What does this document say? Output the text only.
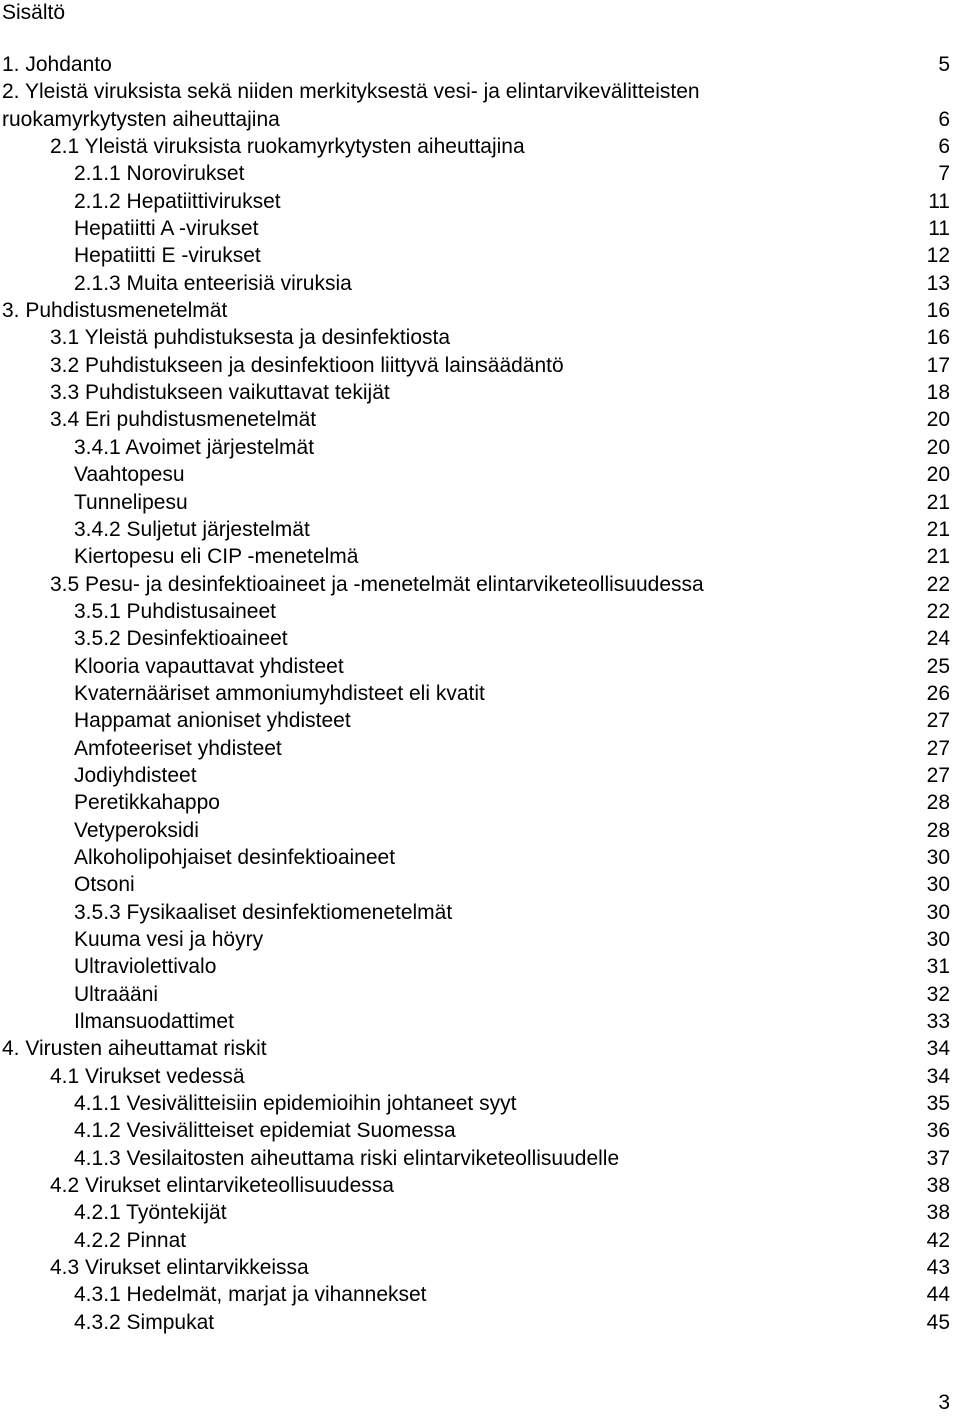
Sisältö
1. Johdanto	5
2. Yleistä viruksista sekä niiden merkityksestä vesi- ja elintarvikevälitteisten
ruokamyrkytysten aiheuttajina	6
2.1 Yleistä viruksista ruokamyrkytysten aiheuttajina	6
2.1.1 Norovirukset	7
2.1.2 Hepatiittivirukset	11
Hepatiitti A -virukset	11
Hepatiitti E -virukset	12
2.1.3 Muita enteerisiä viruksia	13
3. Puhdistusmenetelmät	16
3.1 Yleistä puhdistuksesta ja desinfektiosta	16
3.2 Puhdistukseen ja desinfektioon liittyvä lainsäädäntö	17
3.3 Puhdistukseen vaikuttavat tekijät	18
3.4 Eri puhdistusmenetelmät	20
3.4.1 Avoimet järjestelmät	20
Vaahtopesu	20
Tunnelipesu	21
3.4.2 Suljetut järjestelmät	21
Kiertopesu eli CIP -menetelmä	21
3.5 Pesu- ja desinfektioaineet ja -menetelmät elintarviketeollisuudessa	22
3.5.1 Puhdistusaineet	22
3.5.2 Desinfektioaineet	24
Klooria vapauttavat yhdisteet	25
Kvaternääriset ammoniumyhdisteet eli kvatit	26
Happamat anioniset yhdisteet	27
Amfoteeriset yhdisteet	27
Jodiyhdisteet	27
Peretikkahappo	28
Vetyperoksidi	28
Alkoholipohjaiset desinfektioaineet	30
Otsoni	30
3.5.3 Fysikaaliset desinfektiomenetelmät	30
Kuuma vesi ja höyry	30
Ultraviolettivalo	31
Ultraääni	32
Ilmansuodattimet	33
4. Virusten aiheuttamat riskit	34
4.1 Virukset vedessä	34
4.1.1 Vesivälitteisiin epidemioihin johtaneet syyt	35
4.1.2 Vesivälitteiset epidemiat Suomessa	36
4.1.3 Vesilaitosten aiheuttama riski elintarviketeollisuudelle	37
4.2 Virukset elintarviketeollisuudessa	38
4.2.1 Työntekijät	38
4.2.2 Pinnat	42
4.3 Virukset elintarvikkeissa	43
4.3.1 Hedelmät, marjat ja vihannekset	44
4.3.2 Simpukat	45
3
